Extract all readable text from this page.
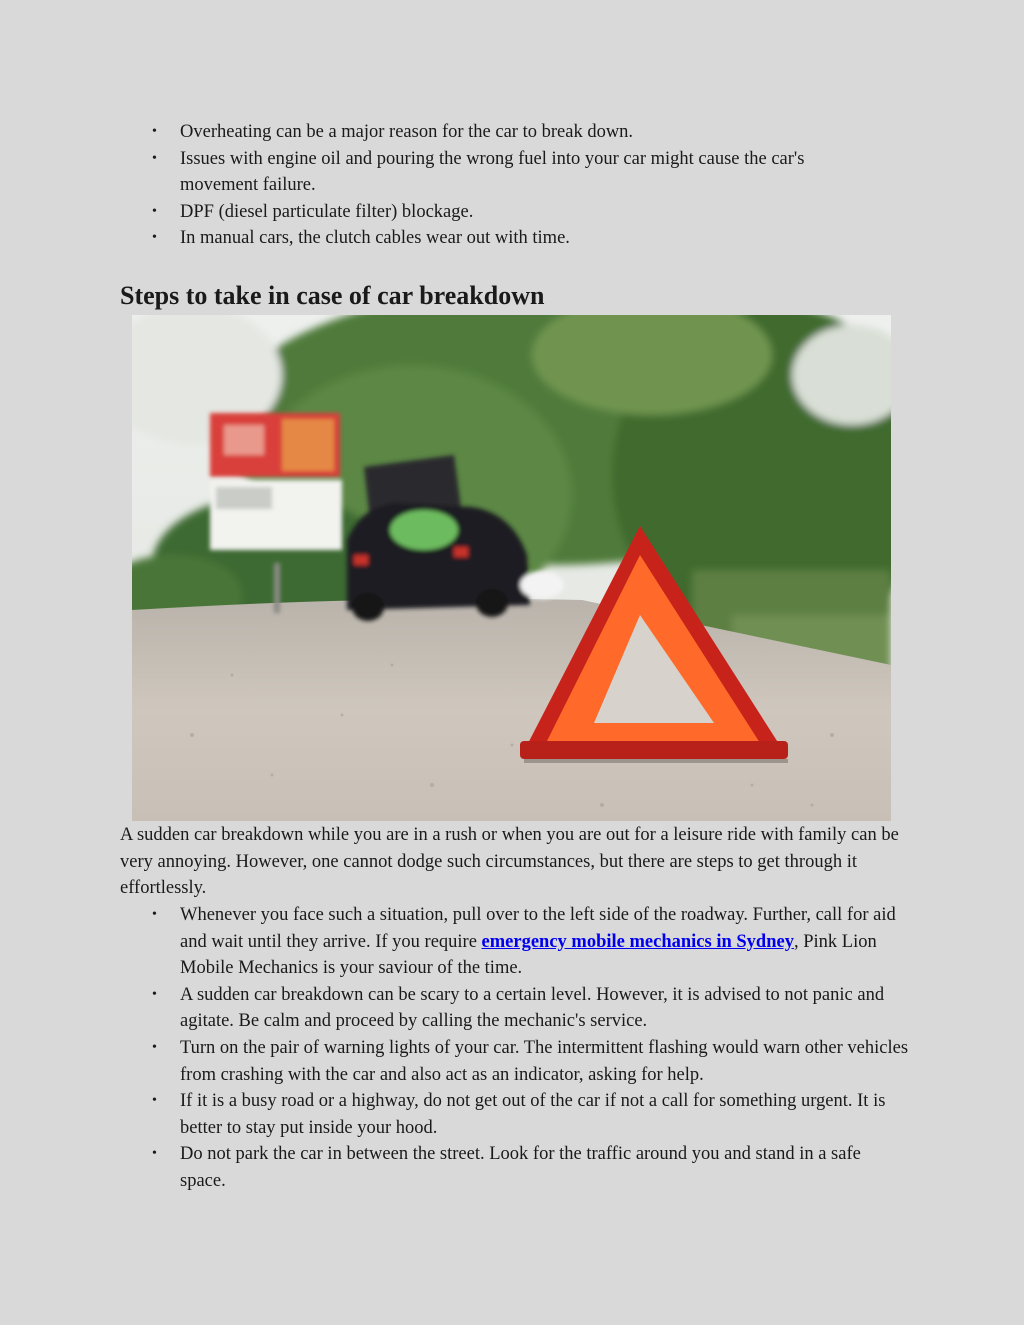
• Overheating can be a major reason for the car to break down.
• Issues with engine oil and pouring the wrong fuel into your car might cause the car's movement failure.
• DPF (diesel particulate filter) blockage.
• In manual cars, the clutch cables wear out with time.
Steps to take in case of car breakdown

A sudden car breakdown while you are in a rush or when you are out for a leisure ride with family can be very annoying. However, one cannot dodge such circumstances, but there are steps to get through it effortlessly.

• Whenever you face such a situation, pull over to the left side of the roadway. Further, call for aid and wait until they arrive. If you require emergency mobile mechanics in Sydney, Pink Lion Mobile Mechanics is your saviour of the time.
• A sudden car breakdown can be scary to a certain level. However, it is advised to not panic and agitate. Be calm and proceed by calling the mechanic's service.
• Turn on the pair of warning lights of your car. The intermittent flashing would warn other vehicles from crashing with the car and also act as an indicator, asking for help.
• If it is a busy road or a highway, do not get out of the car if not a call for something urgent. It is better to stay put inside your hood.
• Do not park the car in between the street. Look for the traffic around you and stand in a safe space.
